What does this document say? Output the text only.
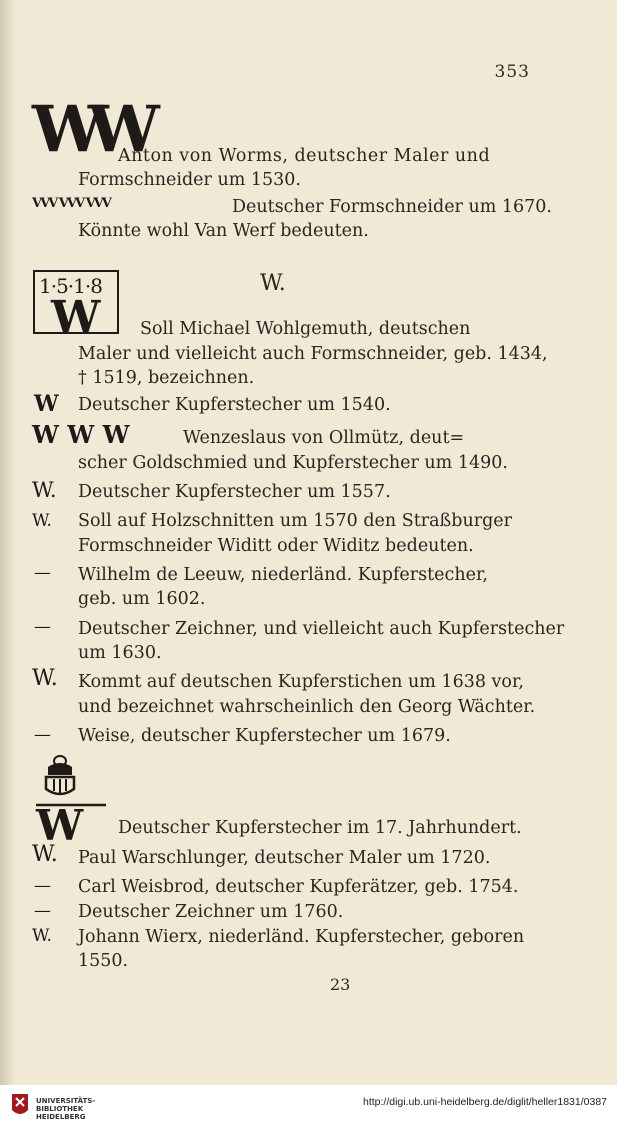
353
WW
Anton von Worms, deutscher Maler und
Formschneider um 1530.
VVV VVV VVV	Deutscher Formschneider um 1670.
Könnte wohl Van Werf bedeuten.
W.
1·5·1·8
W	Soll Michael Wohlgemuth, deutschen
Maler und vielleicht auch Formschneider, geb. 1434,
† 1519, bezeichnen.
W Deutscher Kupferstecher um 1540.
W W W	Wenzeslaus von Ollmütz, deut=
scher Goldschmied und Kupferstecher um 1490.
W. Deutscher Kupferstecher um 1557.
W. Soll auf Holzschnitten um 1570 den Straßburger
Formschneider Widitt oder Widitz bedeuten.
— Wilhelm de Leeuw, niederländ. Kupferstecher,
geb. um 1602.
— Deutscher Zeichner, und vielleicht auch Kupferstecher
um 1630.
W. Kommt auf deutschen Kupferstichen um 1638 vor,
und bezeichnet wahrscheinlich den Georg Wächter.
— Weise, deutscher Kupferstecher um 1679.
W Deutscher Kupferstecher im 17. Jahrhundert.
W. Paul Warschlunger, deutscher Maler um 1720.
— Carl Weisbrod, deutscher Kupferätzer, geb. 1754.
— Deutscher Zeichner um 1760.
W. Johann Wierx, niederländ. Kupferstecher, geboren
1550.
23
UNIVERSITÄTS-
BIBLIOTHEK
HEIDELBERG
http://digi.ub.uni-heidelberg.de/diglit/heller1831/0387
